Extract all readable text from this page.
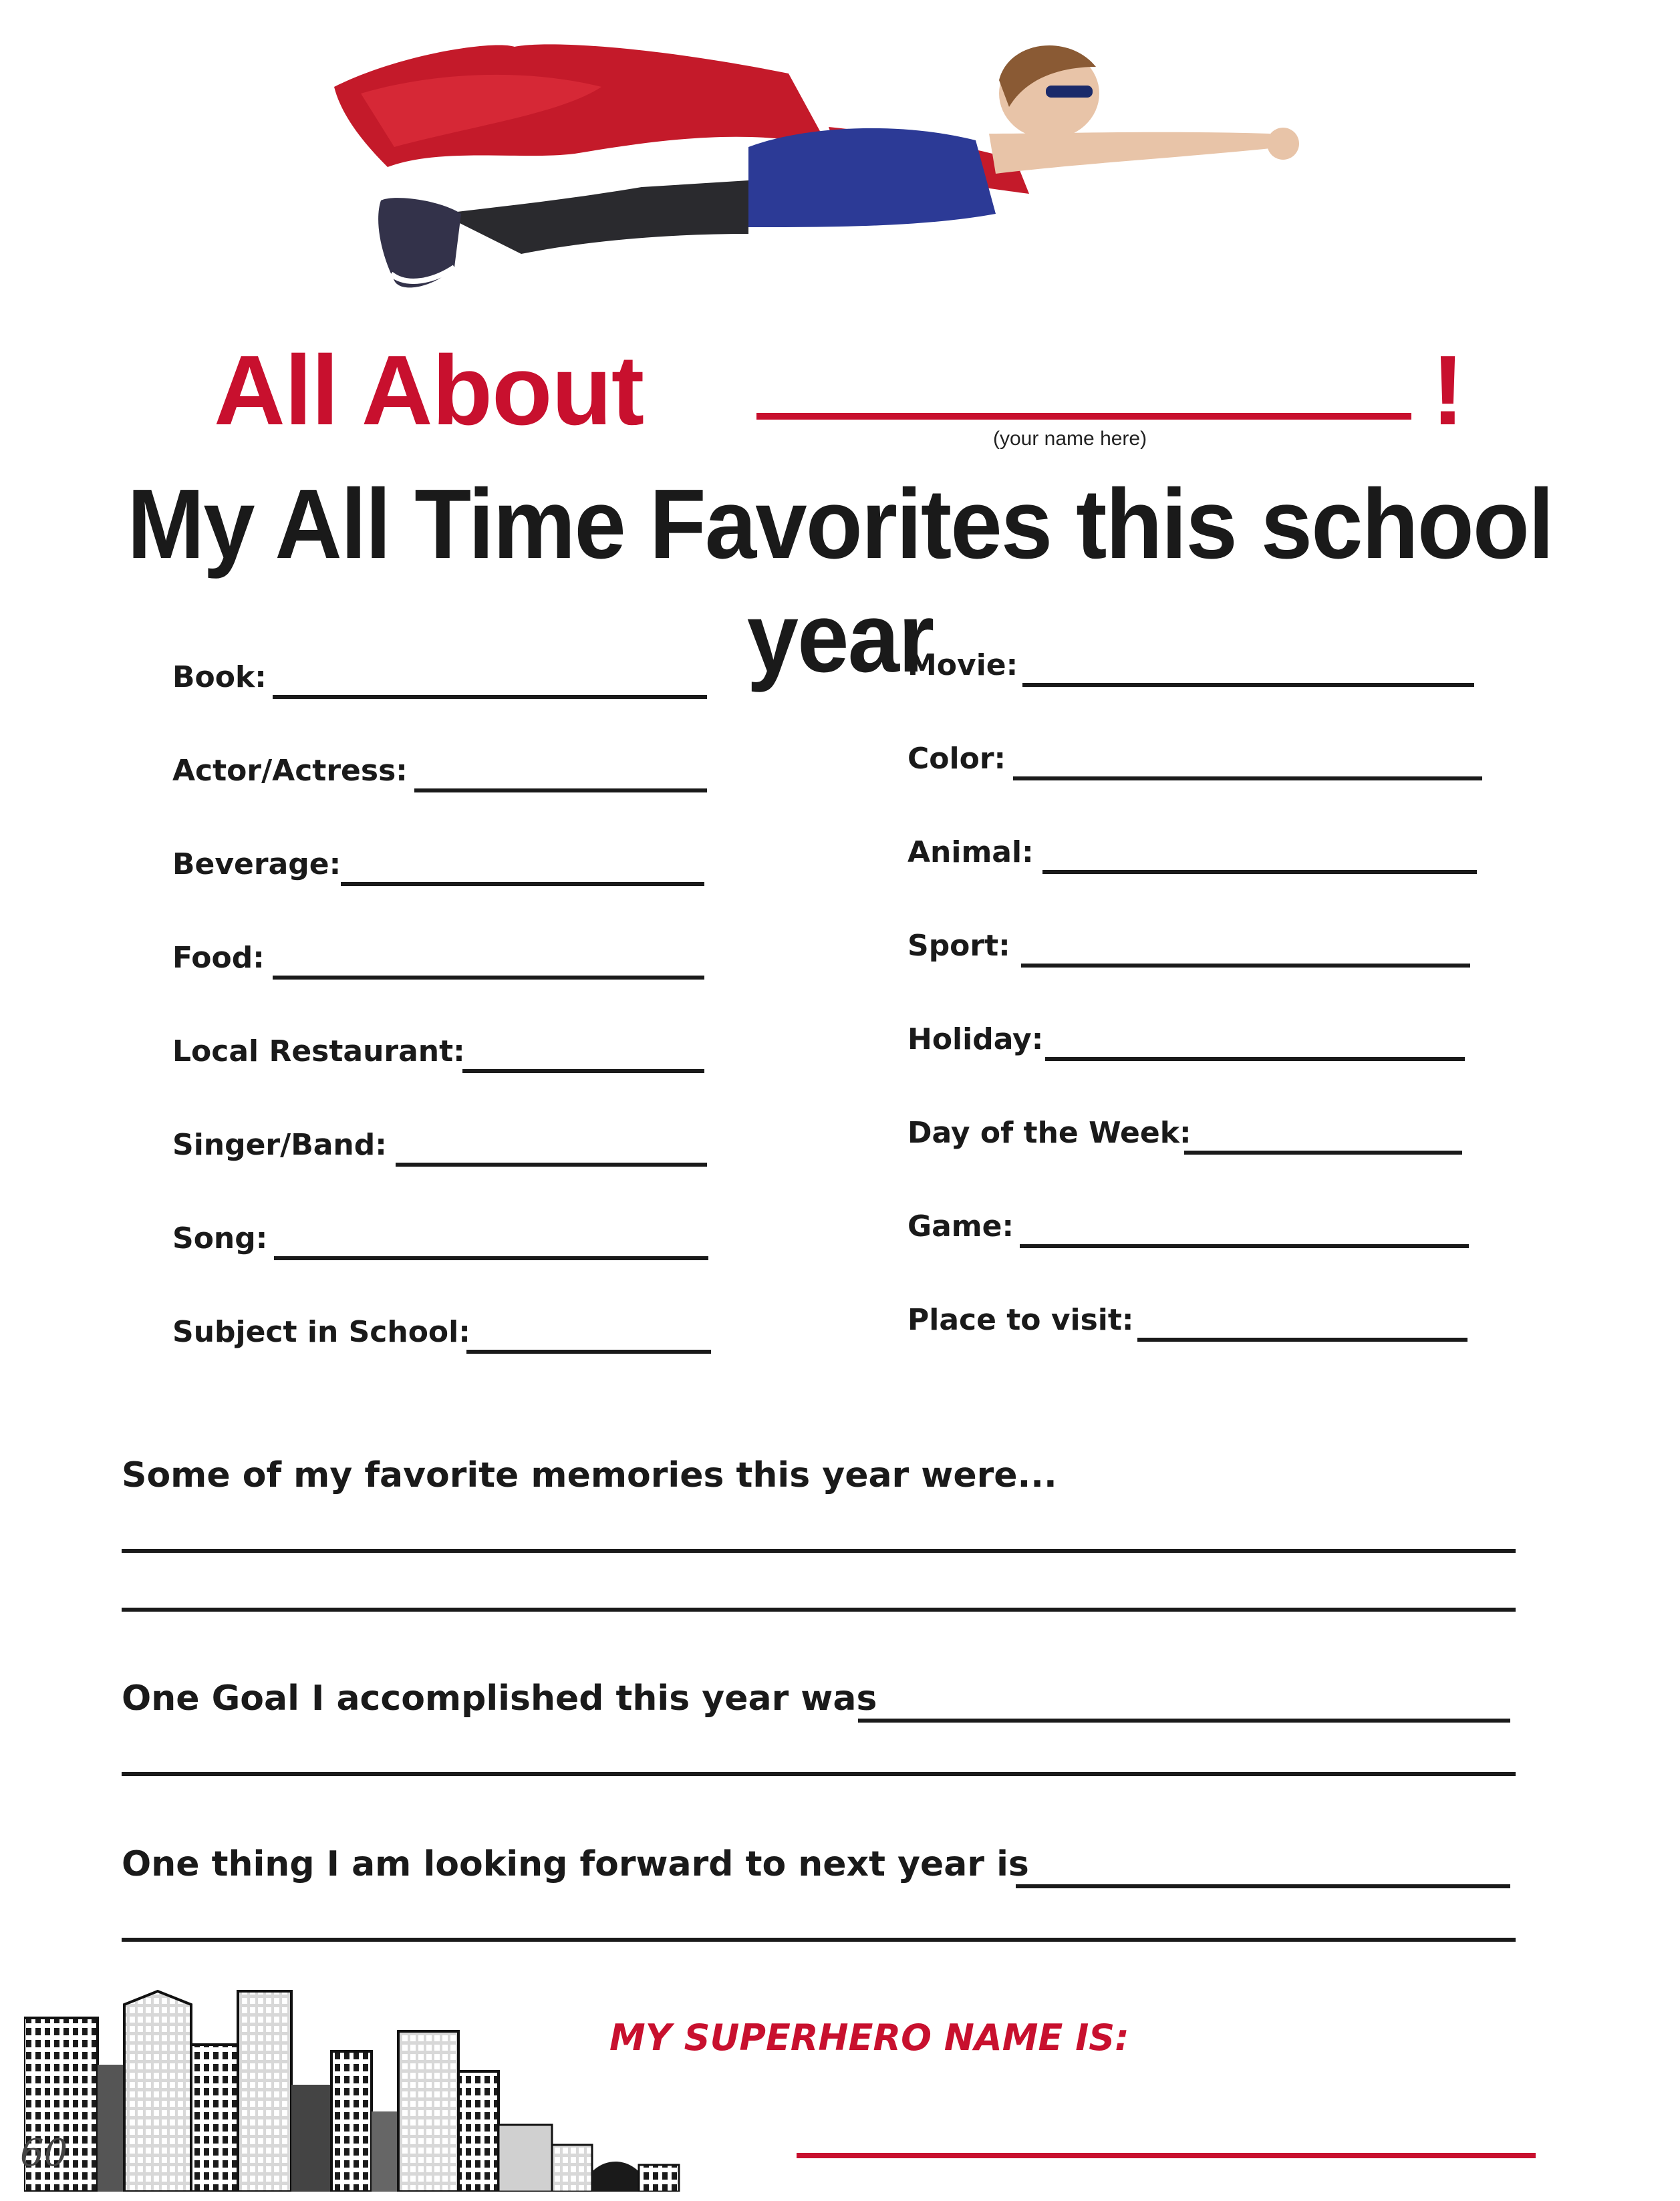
All About	!
(your name here)
My All Time Favorites this school year
Book:
Actor/Actress:
Beverage:
Food:
Local Restaurant:
Singer/Band:
Song:
Subject in School:
Movie:
Color:
Animal:
Sport:
Holiday:
Day of the Week:
Game:
Place to visit:
Some of my favorite memories this year were...
One Goal I accomplished this year was
One thing I am looking forward to next year is
60
MY SUPERHERO NAME IS:
